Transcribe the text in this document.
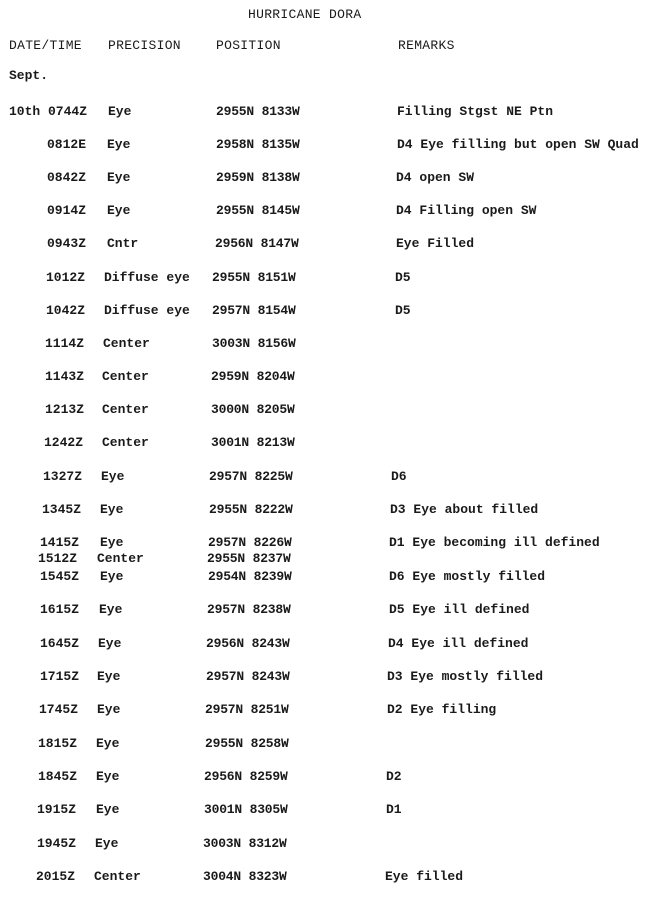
HURRICANE DORA
DATE/TIME PRECISION	POSITION	REMARKS
Sept.
10th 0744Z Eye	2955N 8133W	Filling Stgst NE Ptn
0812E Eye	2958N 8135W	D4 Eye filling but open SW Quad
0842Z Eye	2959N 8138W	D4 open SW
0914Z Eye	2955N 8145W	D4 Filling open SW
0943Z Cntr	2956N 8147W	Eye Filled
1012Z Diffuse eye 2955N 8151W	D5
1042Z Diffuse eye 2957N 8154W	D5
1114Z Center	3003N 8156W
1143Z Center	2959N 8204W
1213Z Center	3000N 8205W
1242Z Center	3001N 8213W
1327Z Eye	2957N 8225W	D6
1345Z Eye	2955N 8222W	D3 Eye about filled
1415Z Eye	2957N 8226W	D1 Eye becoming ill defined
1512Z Center	2955N 8237W
1545Z Eye	2954N 8239W	D6 Eye mostly filled
1615Z Eye	2957N 8238W	D5 Eye ill defined
1645Z Eye	2956N 8243W	D4 Eye ill defined
1715Z Eye	2957N 8243W	D3 Eye mostly filled
1745Z Eye	2957N 8251W	D2 Eye filling
1815Z Eye	2955N 8258W
1845Z Eye	2956N 8259W	D2
1915Z Eye	3001N 8305W	D1
1945Z Eye	3003N 8312W
2015Z Center	3004N 8323W	Eye filled
